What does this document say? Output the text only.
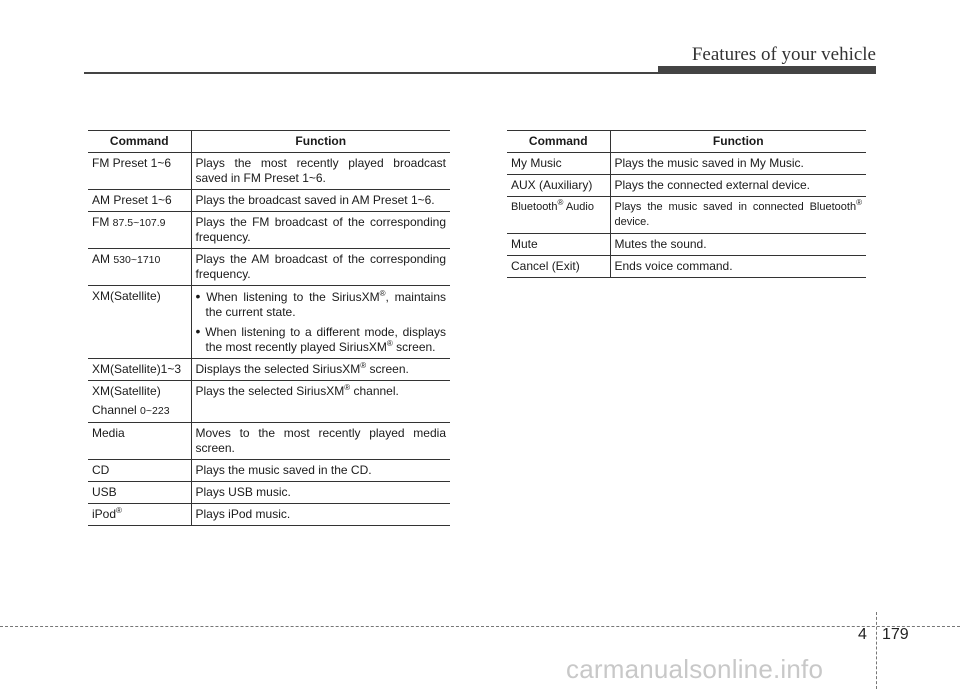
Features of your vehicle
Command	Function
FM Preset 1~6	Plays the most recently played broadcast saved in FM Preset 1~6.
AM Preset 1~6	Plays the broadcast saved in AM Preset 1~6.
FM 87.5~107.9	Plays the FM broadcast of the corresponding frequency.
AM 530~1710	Plays the AM broadcast of the corresponding frequency.
XM(Satellite)	• When listening to the SiriusXM®, maintains the current state.
• When listening to a different mode, displays the most recently played SiriusXM® screen.

XM(Satellite)1~3	Displays the selected SiriusXM® screen.

XM(Satellite)
Channel 0~223	Plays the selected SiriusXM® channel.
Media	Moves to the most recently played media screen.
CD	Plays the music saved in the CD.
USB	Plays USB music.
iPod®	Plays iPod music.
Command	Function
My Music	Plays the music saved in My Music.
AUX (Auxiliary)	Plays the connected external device.
Bluetooth® Audio	Plays the music saved in connected Bluetooth® device.
Mute	Mutes the sound.
Cancel (Exit)	Ends voice command.
4 179
carmanualsonline.info
